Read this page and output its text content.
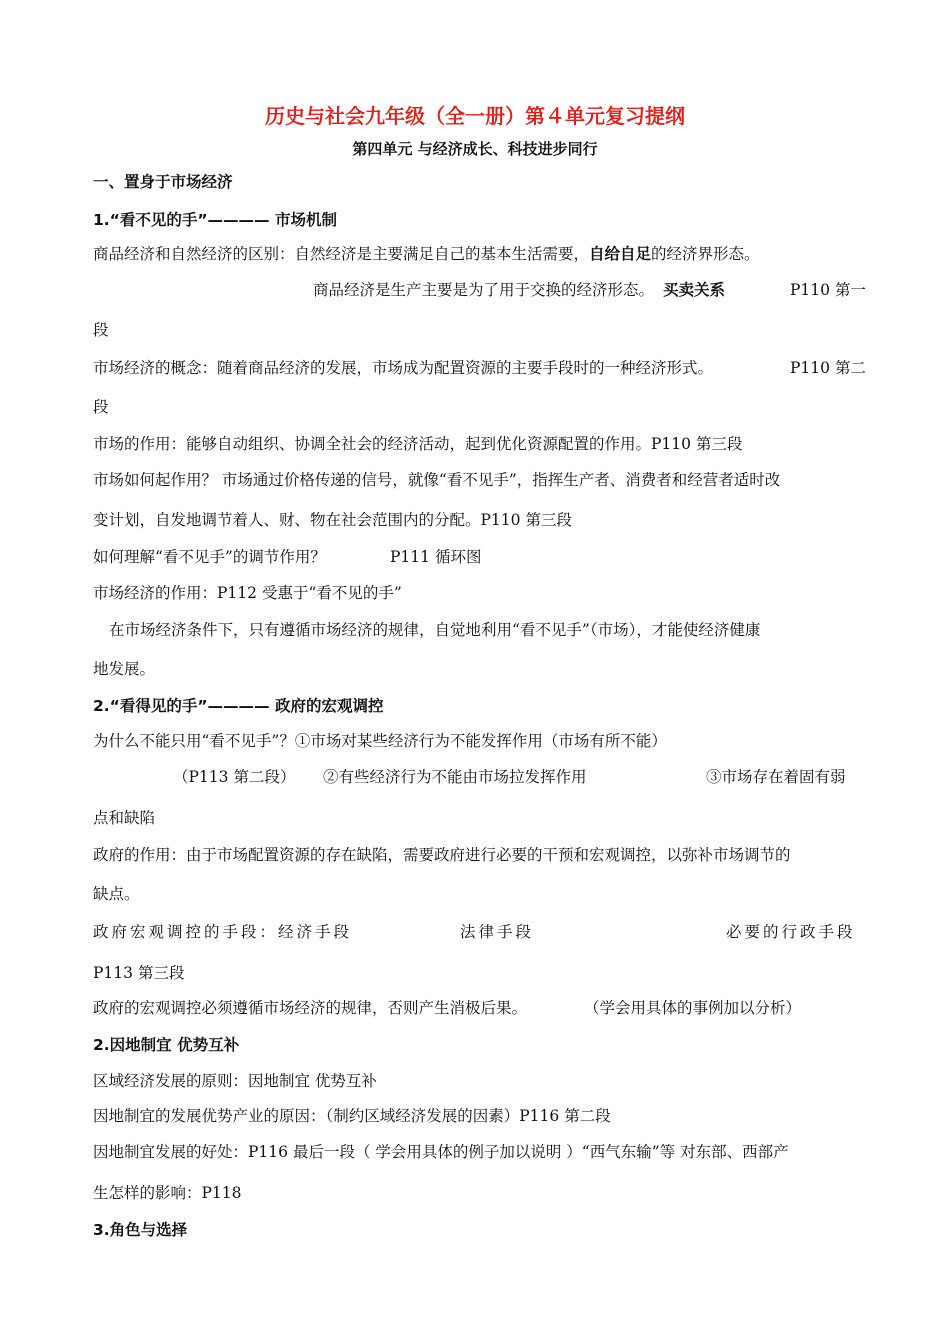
历史与社会九年级（全一册）第４单元复习提纲
第四单元 与经济成长、科技进步同行
一、置身于市场经济
1.“看不见的手”———— 市场机制
商品经济和自然经济的区别：自然经济是主要满足自己的基本生活需要，自给自足的经济界形态。
商品经济是生产主要是为了用于交换的经济形态。 买卖关系	P110 第一
段
市场经济的概念：随着商品经济的发展，市场成为配置资源的主要手段时的一种经济形式。	P110 第二
段
市场的作用：能够自动组织、协调全社会的经济活动，起到优化资源配置的作用。P110 第三段
市场如何起作用？ 市场通过价格传递的信号，就像“看不见手”，指挥生产者、消费者和经营者适时改
变计划，自发地调节着人、财、物在社会范围内的分配。P110 第三段
如何理解“看不见手”的调节作用？	P111 循环图
市场经济的作用：P112 受惠于“看不见的手”
在市场经济条件下，只有遵循市场经济的规律，自觉地利用“看不见手”（市场），才能使经济健康
地发展。
2.“看得见的手”———— 政府的宏观调控
为什么不能只用“看不见手”？①市场对某些经济行为不能发挥作用（市场有所不能）
（P113 第二段） ②有些经济行为不能由市场拉发挥作用	③市场存在着固有弱
点和缺陷
政府的作用：由于市场配置资源的存在缺陷，需要政府进行必要的干预和宏观调控，以弥补市场调节的
缺点。
政府宏观调控的手段：经济手段	法律手段	必要的行政手段
P113 第三段
政府的宏观调控必须遵循市场经济的规律，否则产生消极后果。	（学会用具体的事例加以分析）
2.因地制宜 优势互补
区域经济发展的原则：因地制宜 优势互补
因地制宜的发展优势产业的原因：（制约区域经济发展的因素）P116 第二段
因地制宜发展的好处：P116 最后一段（ 学会用具体的例子加以说明 ）“西气东输”等 对东部、西部产
生怎样的影响：P118
3.角色与选择
